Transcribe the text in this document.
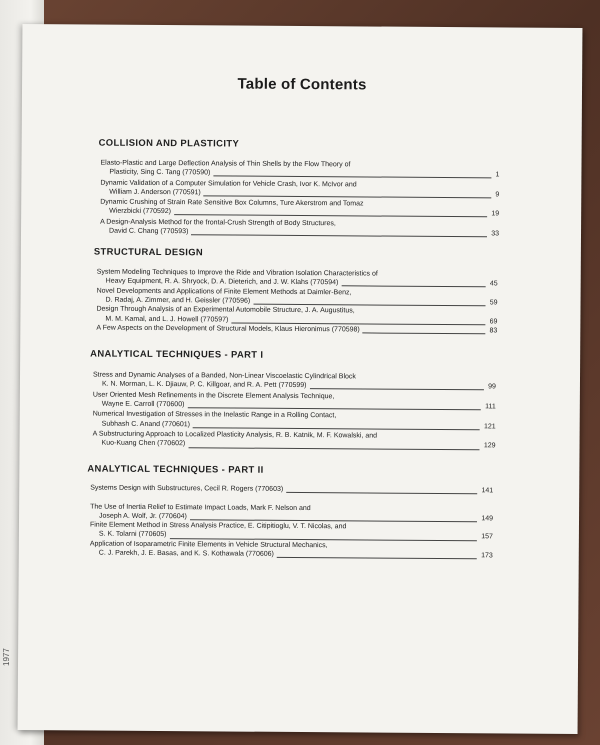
1977
Table of Contents
COLLISION AND PLASTICITY
Elasto-Plastic and Large Deflection Analysis of Thin Shells by the Flow Theory of
Plasticity, Sing C. Tang (770590)	1
Dynamic Validation of a Computer Simulation for Vehicle Crash, Ivor K. McIvor and
William J. Anderson (770591)	9
Dynamic Crushing of Strain Rate Sensitive Box Columns, Ture Akerstrom and Tomaz
Wierzbicki (770592)	19
A Design-Analysis Method for the frontal-Crush Strength of Body Structures,
David C. Chang (770593)	33
STRUCTURAL DESIGN
System Modeling Techniques to Improve the Ride and Vibration Isolation Characteristics of
Heavy Equipment, R. A. Shryock, D. A. Dieterich, and J. W. Klahs (770594)	45
Novel Developments and Applications of Finite Element Methods at Daimler-Benz,
D. Radaj, A. Zimmer, and H. Geissler (770596)	59
Design Through Analysis of an Experimental Automobile Structure, J. A. Augustitus,
M. M. Kamal, and L. J. Howell (770597)	69
A Few Aspects on the Development of Structural Models, Klaus Hieronimus (770598)	83
ANALYTICAL TECHNIQUES - PART I
Stress and Dynamic Analyses of a Banded, Non-Linear Viscoelastic Cylindrical Block
K. N. Morman, L. K. Djiauw, P. C. Killgoar, and R. A. Pett (770599)	99
User Oriented Mesh Refinements in the Discrete Element Analysis Technique,
Wayne E. Carroll (770600)	111
Numerical Investigation of Stresses in the Inelastic Range in a Rolling Contact,
Subhash C. Anand (770601)	121
A Substructuring Approach to Localized Plasticity Analysis, R. B. Katnik, M. F. Kowalski, and
Kuo-Kuang Chen (770602)	129
ANALYTICAL TECHNIQUES - PART II
Systems Design with Substructures, Cecil R. Rogers (770603)	141
The Use of Inertia Relief to Estimate Impact Loads, Mark F. Nelson and
Joseph A. Wolf, Jr. (770604)	149
Finite Element Method in Stress Analysis Practice, E. Citipitioglu, V. T. Nicolas, and
S. K. Tolarni (770605)	157
Application of Isoparametric Finite Elements in Vehicle Structural Mechanics,
C. J. Parekh, J. E. Basas, and K. S. Kothawala (770606)	173
